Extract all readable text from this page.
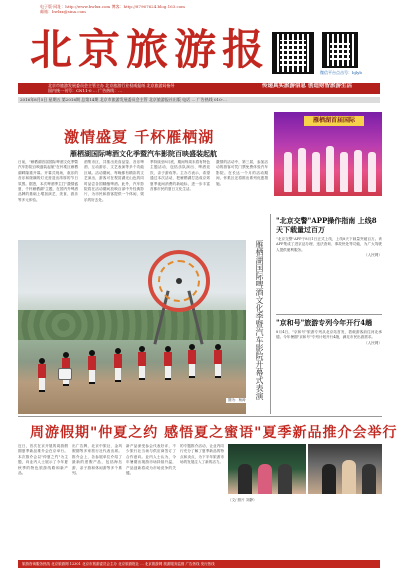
电子版·网址：http://www.bwlxx.com 博客：http://87967624.blog.163.com
邮箱：bwlxx@sina.com
北京旅游报	微信平台点击号：bjlyb
北京市旅游发展委员会主管主办 北京旅游行业权威报纸 北京旅游局指导
国内统一刊号：CN11-0 … 广告热线：…
传递真实旅游信息 创造财智旅游生活
2016年8月5日 星期五 第2016期 总第14期 北京市旅游发展委员会主管 北京旅游报社出版 电话 … 广告热线 010-…
激情盛夏 千杯雁栖湖
雁栖湖国际啤酒文化季暨汽车影院百映盛装起航
日前，"雁栖湖首届国际啤酒文化季暨汽车影院百映盛装起航"在怀柔区雁栖湖畔隆重开幕。开幕式现场，欢乐的音乐和斑斓的灯光营造出浓厚的节日氛围。据悉，本次啤酒季主打"激情盛夏，千杯雁栖湖"主题，在国内外啤酒品牌的基础上增加演艺、美食、游乐等多元体验。
酒集市区，共推出美食品鉴、音乐啤酒、互动游乐、文艺表演等多个功能区域。活动期间，每晚都有精彩的文艺演出，游客可在观赏湖光山色的同时品尝各国精酿啤酒。此外，汽车影院将在活动期间放映百部中外经典影片，为市民和游客提供一个休闲、娱乐的好去处。
季持续至8月底，期间每周末将有特色主题活动，包括乐队演出、啤酒竞饮、亲子游戏等。主办方表示，希望通过本次活动，把雁栖湖打造成京郊夏季夜间消费的新地标，进一步丰富首都市民的夏日文化生活。
激情的活动中，第三届，参加活动的游客可凭门票免费体验汽车影院。在长达一个月的活动期间，怀柔区还将推出系列优惠措施。
雁栖湖首届国际
图为：杨涛	雁栖湖国际啤酒文化季暨汽车影院开幕式表演
"北京交警"APP操作指南 上线8天下载量过百万
"北京交警"APP于8月1日正式上线，上线8天下载量突破百万。该APP集成了进京证办理、违法查询、事故快处等功能，为广大驾驶人提供便利服务。
（人民网）
"京和号"旅游专列今年开行4趟
8月4日，"京和号"旅游专列从北京站首发，搭载游客前往河北承德。今年暑期"京和号"专列计划开行4趟，满足市民出游需求。
（人民网）
周游假期"仲夏之约 感悟夏之蜜语"夏季新品推介会举行
近日，首次在京开展的周游假期夏季新品推介会在京举行。本次推介会以"仲夏之约"为主题，向业内人士展示了今年夏秋季的特色旅游线路和新产品。
出广告牌，北京中旅社、金风假期等多家旅行社代表出席。推介会上，各参展单位介绍了最新的度假产品，包括海岛游、亲子游和休闲游等多个系列。
新产品深受参会代表好评，不少旅行社当场与供应商签订了合作意向。业内人士认为，今年暑期出境游市场持续升温，产品创新将成为市场竞争的关键。
的专题推介活动，让业内同行充分了解了夏季新品的特点和卖点，为下半年旅游市场的发展注入了新的活力。
（文/ 照片 刘静）
旅游咨询服务热线 北京旅游网 12301 北京市旅游委员会主办 北京旅游报社 … 北京旅游网 旅游服务监督 广告热线 发行热线
